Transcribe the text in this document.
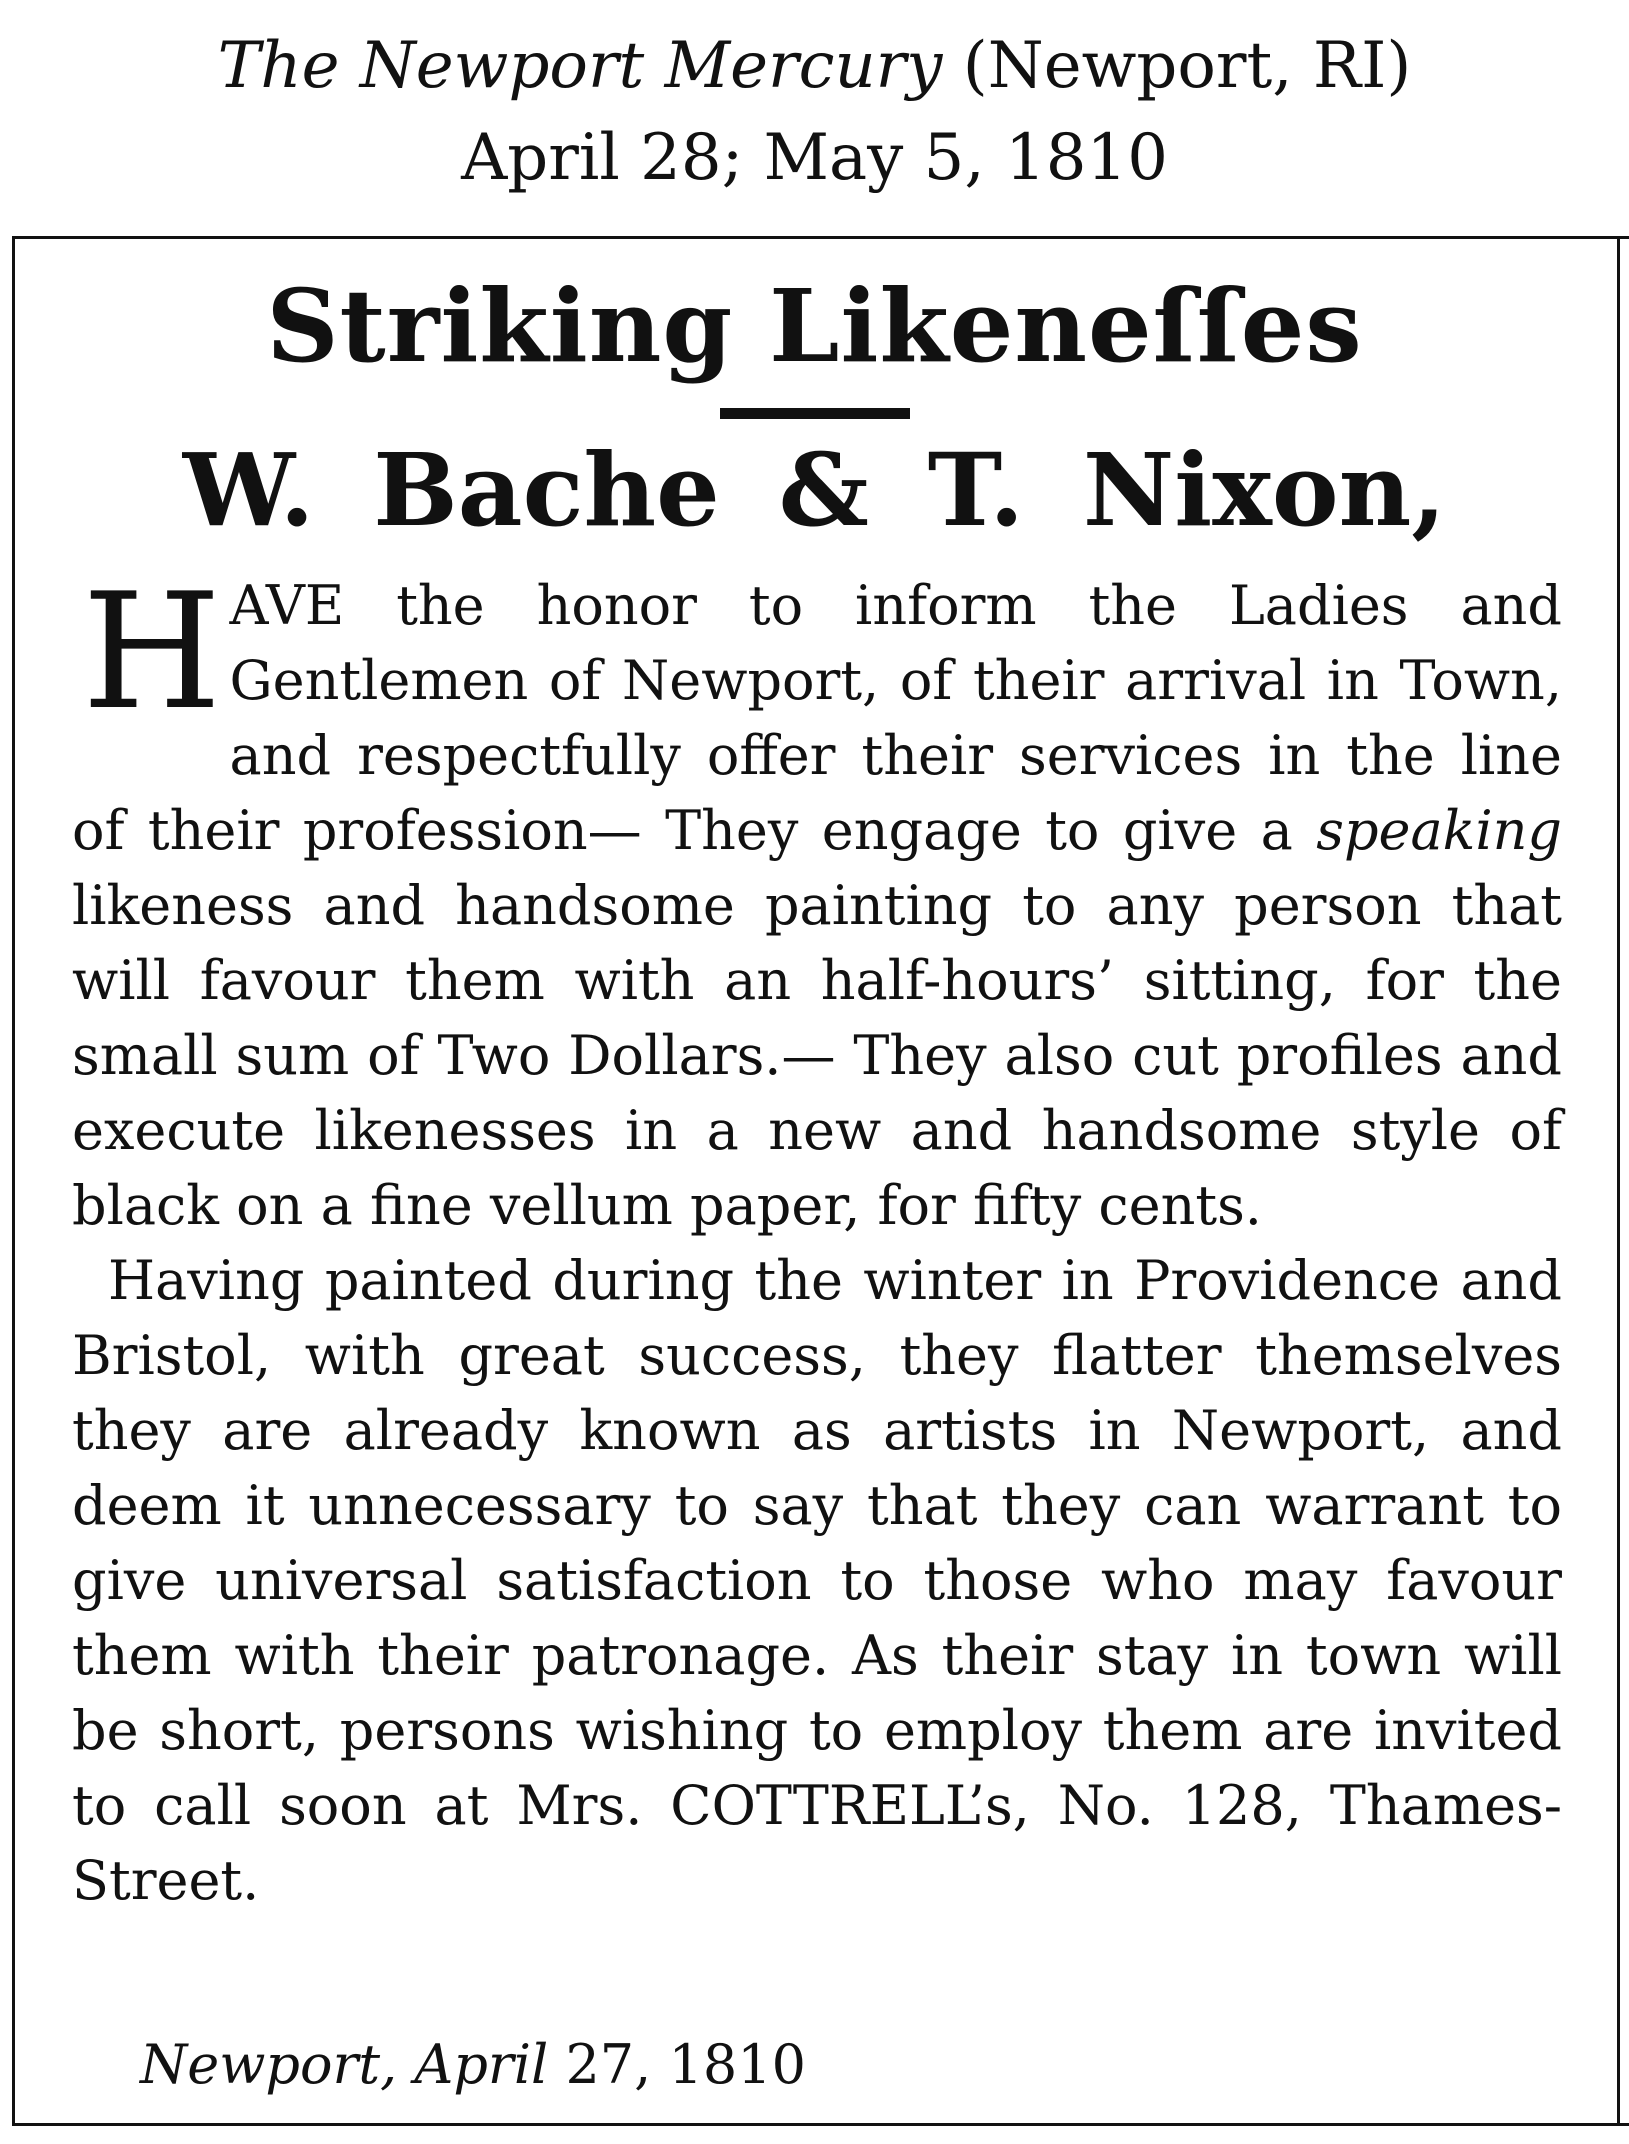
The Newport Mercury (Newport, RI)
April 28; May 5, 1810
Striking Likeneſſes
W. Bache & T. Nixon,

HAVE the honor to inform the Ladies and Gentlemen of Newport, of their arrival in Town, and respectfully offer their services in the line of their profession— They engage to give a speaking likeness and handsome painting to any person that will favour them with an half-hours’ sitting, for the small sum of Two Dollars.— They also cut profiles and execute likenesses in a new and handsome style of black on a fine vellum paper, for fifty cents.

Having painted during the winter in Providence and Bristol, with great success, they flatter themselves they are already known as artists in Newport, and deem it unnecessary to say that they can warrant to give universal satisfaction to those who may favour them with their patronage. As their stay in town will be short, persons wishing to employ them are invited to call soon at Mrs. COTTRELL’s, No. 128, Thames-Street.

Newport, April 27, 1810
